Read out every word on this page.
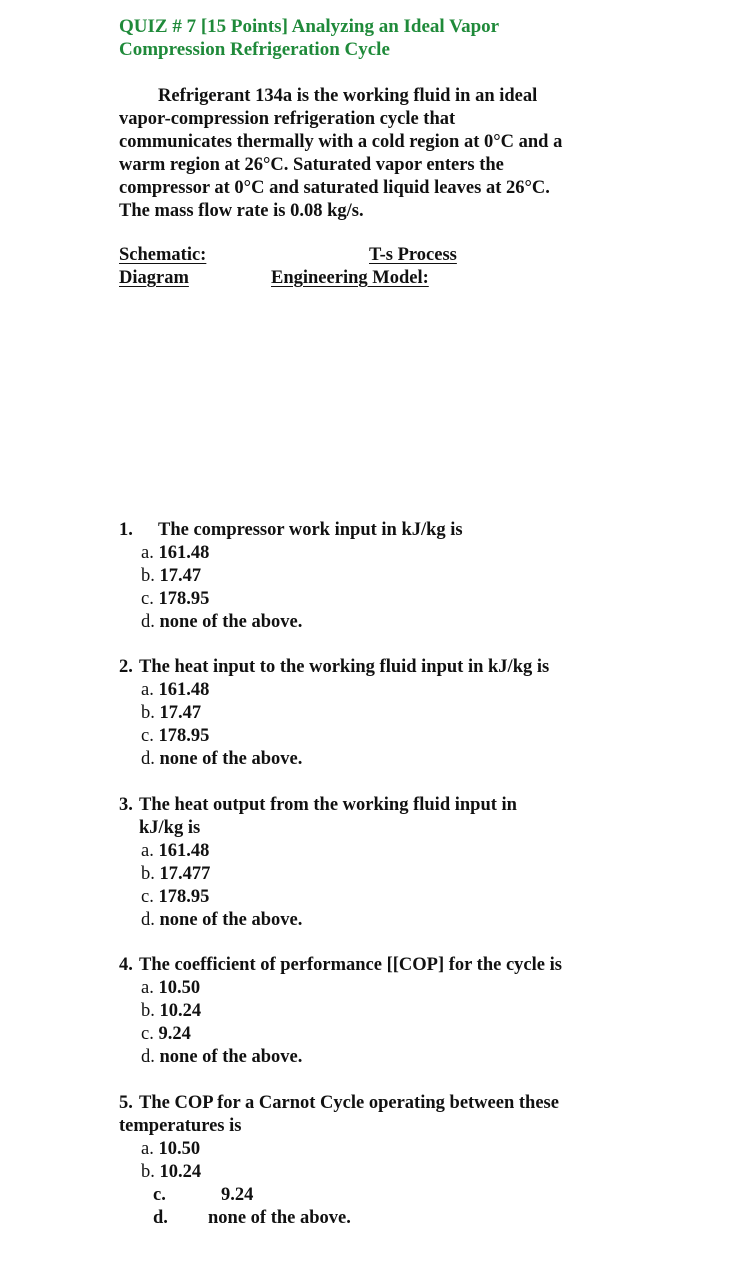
QUIZ # 7 [15 Points] Analyzing an Ideal Vapor
Compression Refrigeration Cycle
Refrigerant 134a is the working fluid in an ideal
vapor-compression refrigeration cycle that
communicates thermally with a cold region at 0°C and a
warm region at 26°C. Saturated vapor enters the
compressor at 0°C and saturated liquid leaves at 26°C.
The mass flow rate is 0.08 kg/s.
Schematic:
Diagram
T-s Process
Engineering Model:
1. The compressor work input in kJ/kg is
a. 161.48
b. 17.47
c. 178.95
d. none of the above.
2. The heat input to the working fluid input in kJ/kg is
a. 161.48
b. 17.47
c. 178.95
d. none of the above.
3. The heat output from the working fluid input in
kJ/kg is
a. 161.48
b. 17.477
c. 178.95
d. none of the above.
4. The coefficient of performance [[COP] for the cycle is
a. 10.50
b. 10.24
c. 9.24
d. none of the above.
5. The COP for a Carnot Cycle operating between these
temperatures is
a. 10.50
b. 10.24
c.	9.24
d. none of the above.
